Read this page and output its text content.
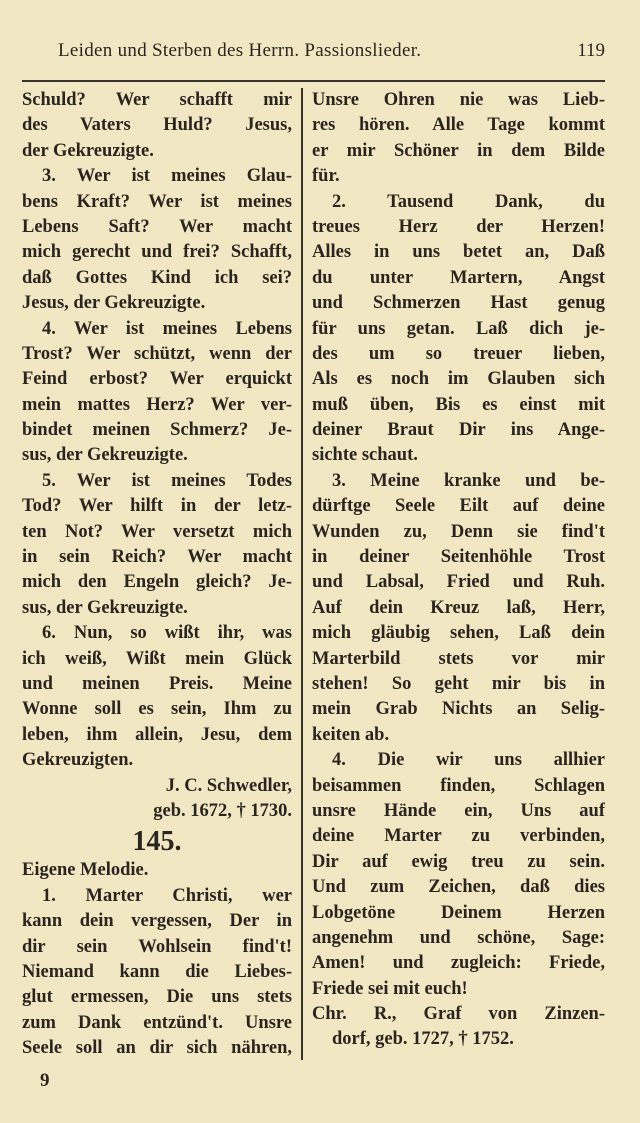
Leiden und Sterben des Herrn. Passionslieder.	119
Schuld? Wer schafft mir
des Vaters Huld? Jesus,
der Gekreuzigte.
3. Wer ist meines Glau-
bens Kraft? Wer ist meines
Lebens Saft? Wer macht
mich gerecht und frei? Schafft,
daß Gottes Kind ich sei?
Jesus, der Gekreuzigte.
4. Wer ist meines Lebens
Trost? Wer schützt, wenn der
Feind erbost? Wer erquickt
mein mattes Herz? Wer ver-
bindet meinen Schmerz? Je-
sus, der Gekreuzigte.
5. Wer ist meines Todes
Tod? Wer hilft in der letz-
ten Not? Wer versetzt mich
in sein Reich? Wer macht
mich den Engeln gleich? Je-
sus, der Gekreuzigte.
6. Nun, so wißt ihr, was
ich weiß, Wißt mein Glück
und meinen Preis. Meine
Wonne soll es sein, Ihm zu
leben, ihm allein, Jesu, dem
Gekreuzigten.
J. C. Schwedler,
geb. 1672, † 1730.
145.
Eigene Melodie.
1. Marter Christi, wer
kann dein vergessen, Der in
dir sein Wohlsein find't!
Niemand kann die Liebes-
glut ermessen, Die uns stets
zum Dank entzünd't. Unsre
Seele soll an dir sich nähren,
Unsre Ohren nie was Lieb-
res hören. Alle Tage kommt
er mir Schöner in dem Bilde
für.
2. Tausend Dank, du
treues Herz der Herzen!
Alles in uns betet an, Daß
du unter Martern, Angst
und Schmerzen Hast genug
für uns getan. Laß dich je-
des um so treuer lieben,
Als es noch im Glauben sich
muß üben, Bis es einst mit
deiner Braut Dir ins Ange-
sichte schaut.
3. Meine kranke und be-
dürftge Seele Eilt auf deine
Wunden zu, Denn sie find't
in deiner Seitenhöhle Trost
und Labsal, Fried und Ruh.
Auf dein Kreuz laß, Herr,
mich gläubig sehen, Laß dein
Marterbild stets vor mir
stehen! So geht mir bis in
mein Grab Nichts an Selig-
keiten ab.
4. Die wir uns allhier
beisammen finden, Schlagen
unsre Hände ein, Uns auf
deine Marter zu verbinden,
Dir auf ewig treu zu sein.
Und zum Zeichen, daß dies
Lobgetöne Deinem Herzen
angenehm und schöne, Sage:
Amen! und zugleich: Friede,
Friede sei mit euch!
Chr. R., Graf von Zinzen-
dorf, geb. 1727, † 1752.
9
